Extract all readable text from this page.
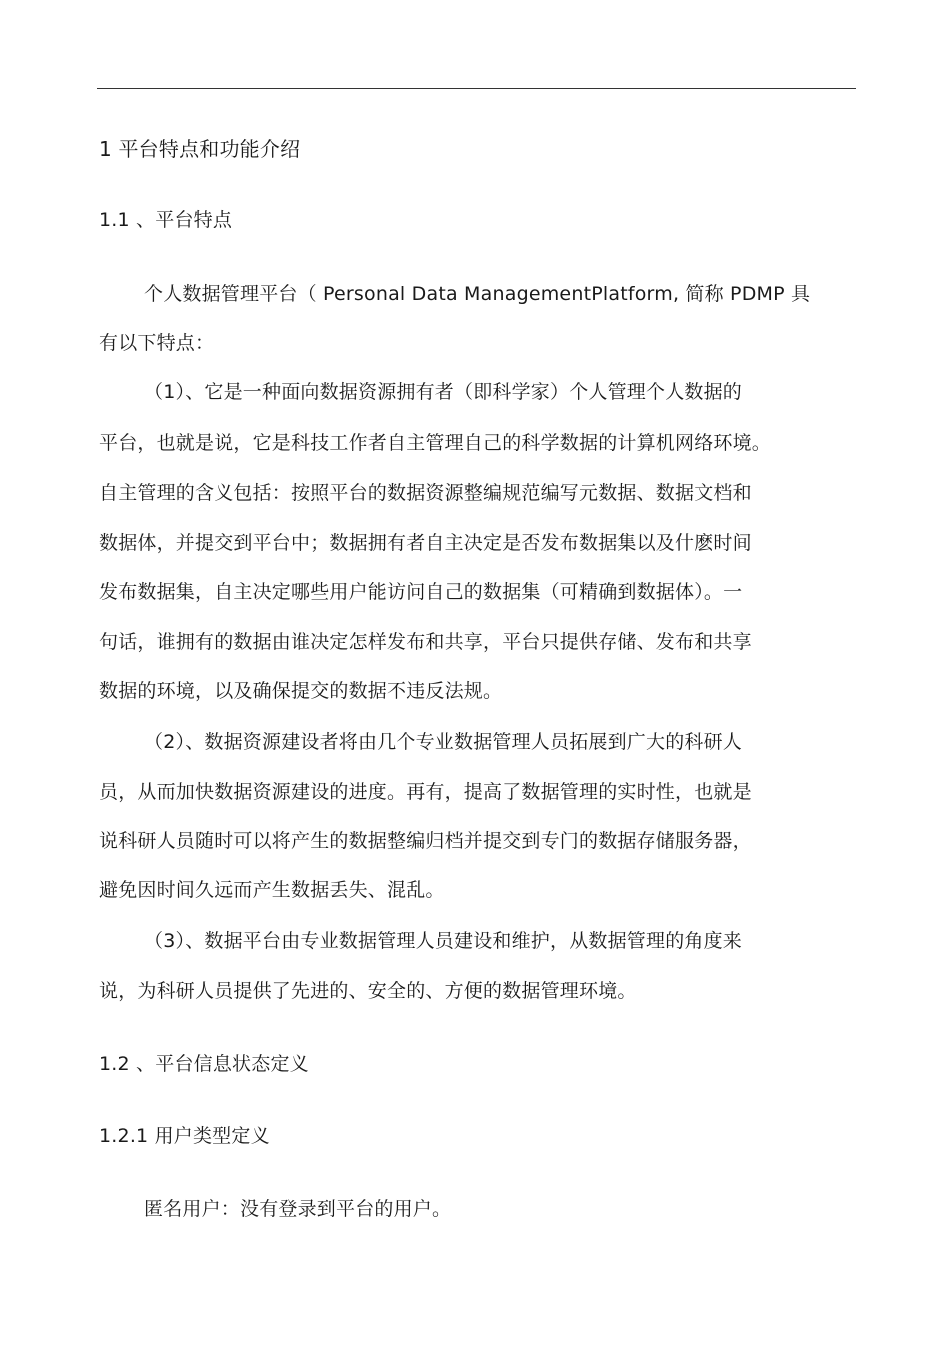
1 平台特点和功能介绍
1.1 、平台特点
个人数据管理平台（ Personal Data ManagementPlatform, 简称 PDMP 具
有以下特点：
（1）、它是一种面向数据资源拥有者（即科学家）个人管理个人数据的
平台，也就是说，它是科技工作者自主管理自己的科学数据的计算机网络环境。
自主管理的含义包括：按照平台的数据资源整编规范编写元数据、数据文档和
数据体，并提交到平台中；数据拥有者自主决定是否发布数据集以及什麽时间
发布数据集，自主决定哪些用户能访问自己的数据集（可精确到数据体）。一
句话，谁拥有的数据由谁决定怎样发布和共享，平台只提供存储、发布和共享
数据的环境，以及确保提交的数据不违反法规。
（2）、数据资源建设者将由几个专业数据管理人员拓展到广大的科研人
员，从而加快数据资源建设的进度。再有，提高了数据管理的实时性，也就是
说科研人员随时可以将产生的数据整编归档并提交到专门的数据存储服务器，
避免因时间久远而产生数据丢失、混乱。
（3）、数据平台由专业数据管理人员建设和维护，从数据管理的角度来
说，为科研人员提供了先进的、安全的、方便的数据管理环境。
1.2 、平台信息状态定义
1.2.1 用户类型定义
匿名用户：没有登录到平台的用户。
